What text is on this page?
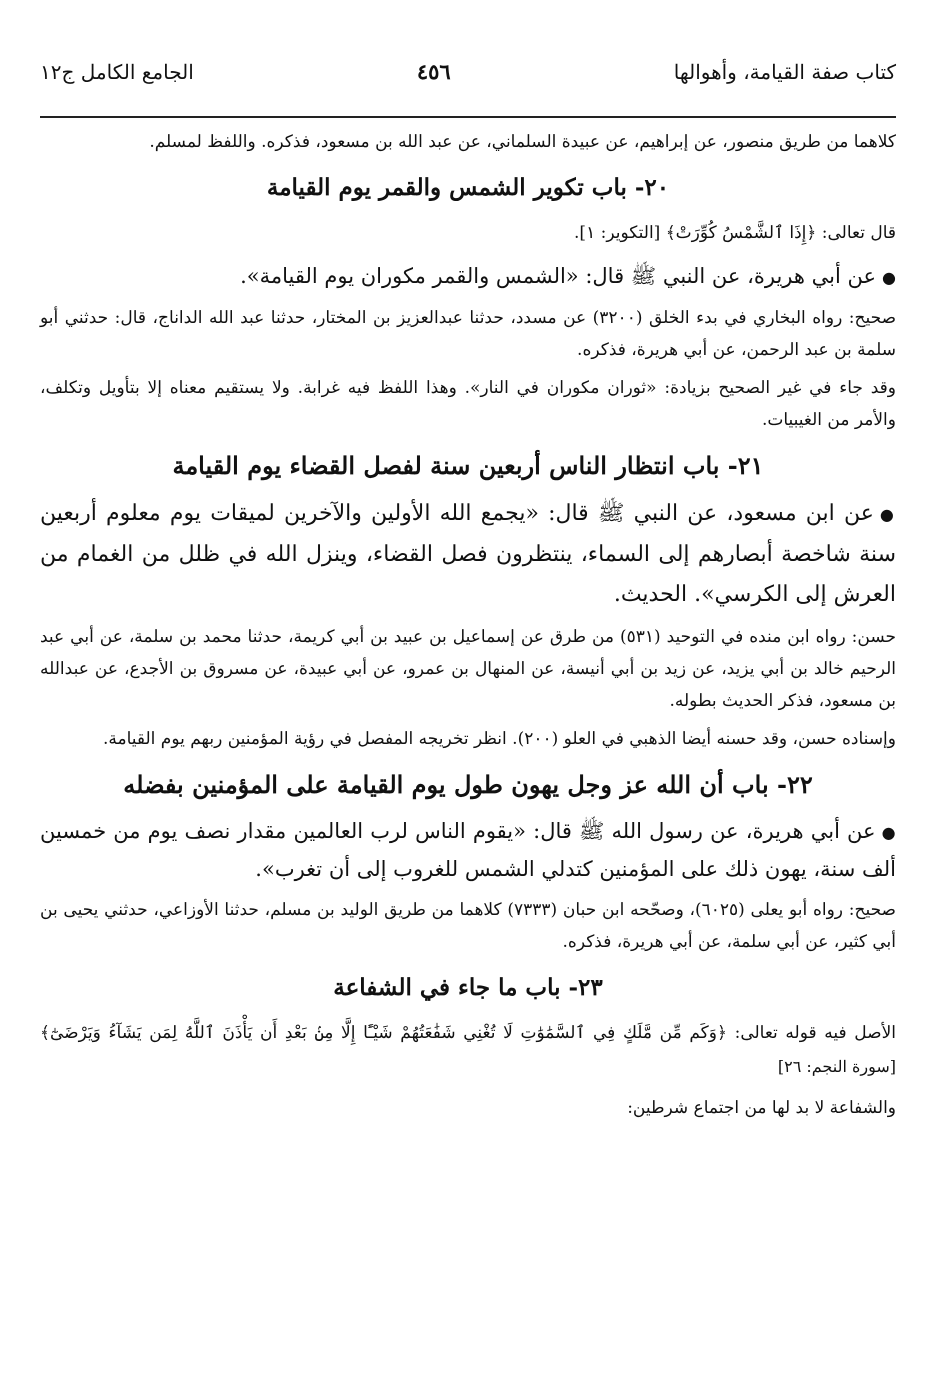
كتاب صفة القيامة، وأهوالها
٤٥٦
الجامع الكامل ج١٢

كلاهما من طريق منصور، عن إبراهيم، عن عبيدة السلماني، عن عبد الله بن مسعود، فذكره. واللفظ لمسلم.

٢٠- باب تكوير الشمس والقمر يوم القيامة

قال تعالى: ﴿إِذَا ٱلشَّمْسُ كُوِّرَتْ﴾ [التكوير: ١].

●عن أبي هريرة، عن النبي ﷺ قال: «الشمس والقمر مكوران يوم القيامة».

صحيح: رواه البخاري في بدء الخلق (٣٢٠٠) عن مسدد، حدثنا عبدالعزيز بن المختار، حدثنا عبد الله الداناج، قال: حدثني أبو سلمة بن عبد الرحمن، عن أبي هريرة، فذكره.

وقد جاء في غير الصحيح بزيادة: «ثوران مكوران في النار». وهذا اللفظ فيه غرابة. ولا يستقيم معناه إلا بتأويل وتكلف، والأمر من الغيبيات.

٢١- باب انتظار الناس أربعين سنة لفصل القضاء يوم القيامة

●عن ابن مسعود، عن النبي ﷺ قال: «يجمع الله الأولين والآخرين لميقات يوم معلوم أربعين سنة شاخصة أبصارهم إلى السماء، ينتظرون فصل القضاء، وينزل الله في ظلل من الغمام من العرش إلى الكرسي». الحديث.

حسن: رواه ابن منده في التوحيد (٥٣١) من طرق عن إسماعيل بن عبيد بن أبي كريمة، حدثنا محمد بن سلمة، عن أبي عبد الرحيم خالد بن أبي يزيد، عن زيد بن أبي أنيسة، عن المنهال بن عمرو، عن أبي عبيدة، عن مسروق بن الأجدع، عن عبدالله بن مسعود، فذكر الحديث بطوله.

وإسناده حسن، وقد حسنه أيضا الذهبي في العلو (٢٠٠). انظر تخريجه المفصل في رؤية المؤمنين ربهم يوم القيامة.

٢٢- باب أن الله عز وجل يهون طول يوم القيامة على المؤمنين بفضله

●عن أبي هريرة، عن رسول الله ﷺ قال: «يقوم الناس لرب العالمين مقدار نصف يوم من خمسين ألف سنة، يهون ذلك على المؤمنين كتدلي الشمس للغروب إلى أن تغرب».

صحيح: رواه أبو يعلى (٦٠٢٥)، وصحّحه ابن حبان (٧٣٣٣) كلاهما من طريق الوليد بن مسلم، حدثنا الأوزاعي، حدثني يحيى بن أبي كثير، عن أبي سلمة، عن أبي هريرة، فذكره.

٢٣- باب ما جاء في الشفاعة

الأصل فيه قوله تعالى: ﴿وَكَم مِّن مَّلَكٍ فِي ٱلسَّمَٰوَٰتِ لَا تُغْنِي شَفَٰعَتُهُمْ شَيْـًٔا إِلَّا مِنۢ بَعْدِ أَن يَأْذَنَ ٱللَّهُ لِمَن يَشَآءُ وَيَرْضَىٰٓ﴾ [سورة النجم: ٢٦]

والشفاعة لا بد لها من اجتماع شرطين:
